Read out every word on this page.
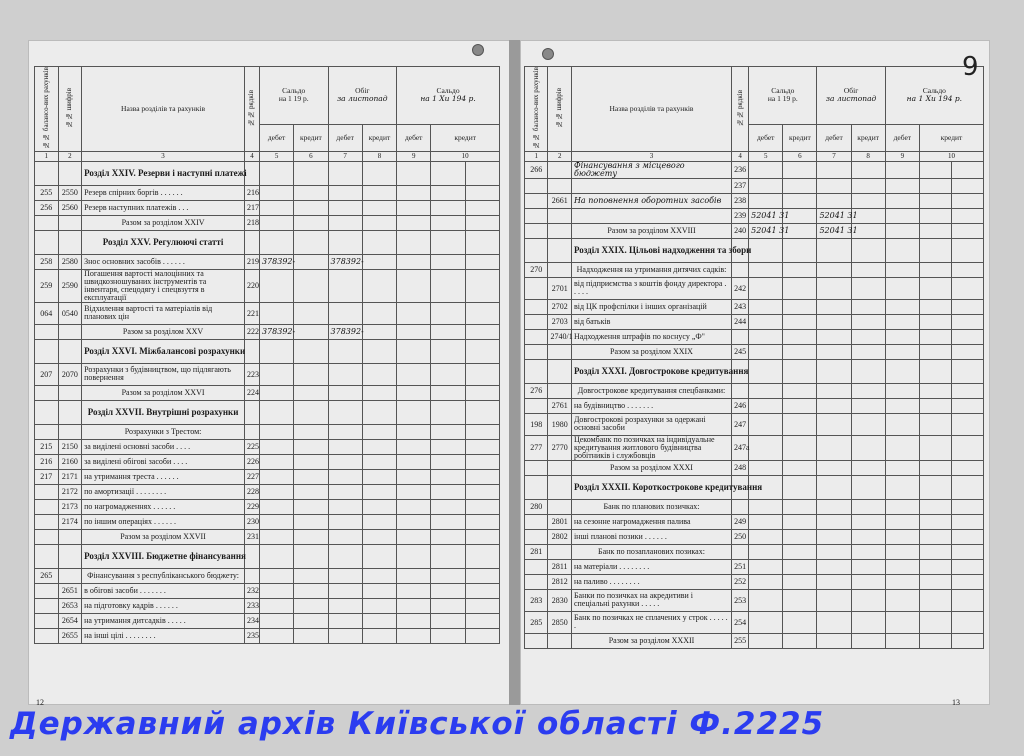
№№ балансо-вих рахунків	№№ шифрів	Назва розділів та рахунків	№№ рядків	Сальдо
на 1 19 р.		Обіг
за листопад		Сальдо
на 1 Хи 194 р.		
				дебет	кредит	дебет	кредит	дебет	кредит	
1	2	3	4	5	6	7	8	9	10	
		Розділ XXIV. Резерви і наступні платежі								
255	2550	Резерв спірних боргів . . . . . .	216							
256	2560	Резерв наступних платежів . . .	217							
		Разом за розділом XXIV	218							
		Розділ XXV. Регулюючі статті								
258	2580	Знос основних засобів . . . . . .	219	378392-		378392-				
259	2590	Погашення вартості малоцінних та швидкозношуваних інструментів та інвентаря, спецодягу і спецвзуття в експлуатації	220							
064	0540	Відхилення вартості та матеріалів від планових цін	221							
		Разом за розділом XXV	222	378392-		378392-				
		Розділ XXVI. Міжбалансові розрахунки								
207	2070	Розрахунки з будівництвом, що підлягають повернення	223							
		Разом за розділом XXVI	224							
		Розділ XXVII. Внутрішні розрахунки								
		Розрахунки з Трестом:								
215	2150	за виділені основні засоби . . . .	225							
216	2160	за виділені обігові засоби . . . .	226							
217	2171	на утримання треста . . . . . .	227							
	2172	по амортизації . . . . . . . .	228							
	2173	по нагромадженнях . . . . . .	229							
	2174	по іншим операціях . . . . . .	230							
		Разом за розділом XXVII	231							
		Розділ XXVIII. Бюджетне фінансування								
265		Фінансування з республіканського бюджету:								
	2651	в обігові засоби . . . . . . .	232							
	2653	на підготовку кадрів . . . . . .	233							
	2654	на утримання дитсадків . . . . .	234							
	2655	на інші цілі . . . . . . . .	235							
№№ балансо-вих рахунків	№№ шифрів	Назва розділів та рахунків	№№ рядків	Сальдо
на 1 19 р.		Обіг
за листопад		Сальдо
на 1 Хи 194 р.		
				дебет	кредит	дебет	кредит	дебет	кредит	
1	2	3	4	5	6	7	8	9	10	
266		Фінансування з місцевого бюджету	236							
			237							
	2661	На поповнення оборотних засобів	238							
			239	52041 31		52041 31				
		Разом за розділом XXVIII	240	52041 31		52041 31				
		Розділ XXIX. Цільові надходження та збори								
270		Надходження на утримання дитячих садків:								
	2701	від підприємства з коштів фонду директора . . . . .	242							
	2702	від ЦК профспілки і інших організацій	243							
	2703	від батьків	244							
	2740/1	Надходження штрафів по коснусу „Ф"								
		Разом за розділом XXIX	245							
		Розділ XXXI. Довгострокове кредитування								
276		Довгострокове кредитування спецбанками:								
	2761	на будівництво . . . . . . .	246							
198	1980	Довгострокові розрахунки за одержані основні засоби	247							
277	2770	Цекомбанк по позичках на індивідуальне кредитування житлового будівництва робітників і службовців	247а							
		Разом за розділом XXXI	248							
		Розділ XXXII. Короткострокове кредитування								
280		Банк по планових позичках:								
	2801	на сезонне нагромадження палива	249							
	2802	інші планові позики . . . . . .	250							
281		Банк по позапланових позиках:								
	2811	на матеріали . . . . . . . .	251							
	2812	на паливо . . . . . . . .	252							
283	2830	Банки по позичках на акредитиви і спеціальні рахунки . . . . .	253							
285	2850	Банк по позичках не сплачених у строк . . . . . .	254							
		Разом за розділом XXXII	255							
9
12	13
Державний архів Київської області Ф.2225
